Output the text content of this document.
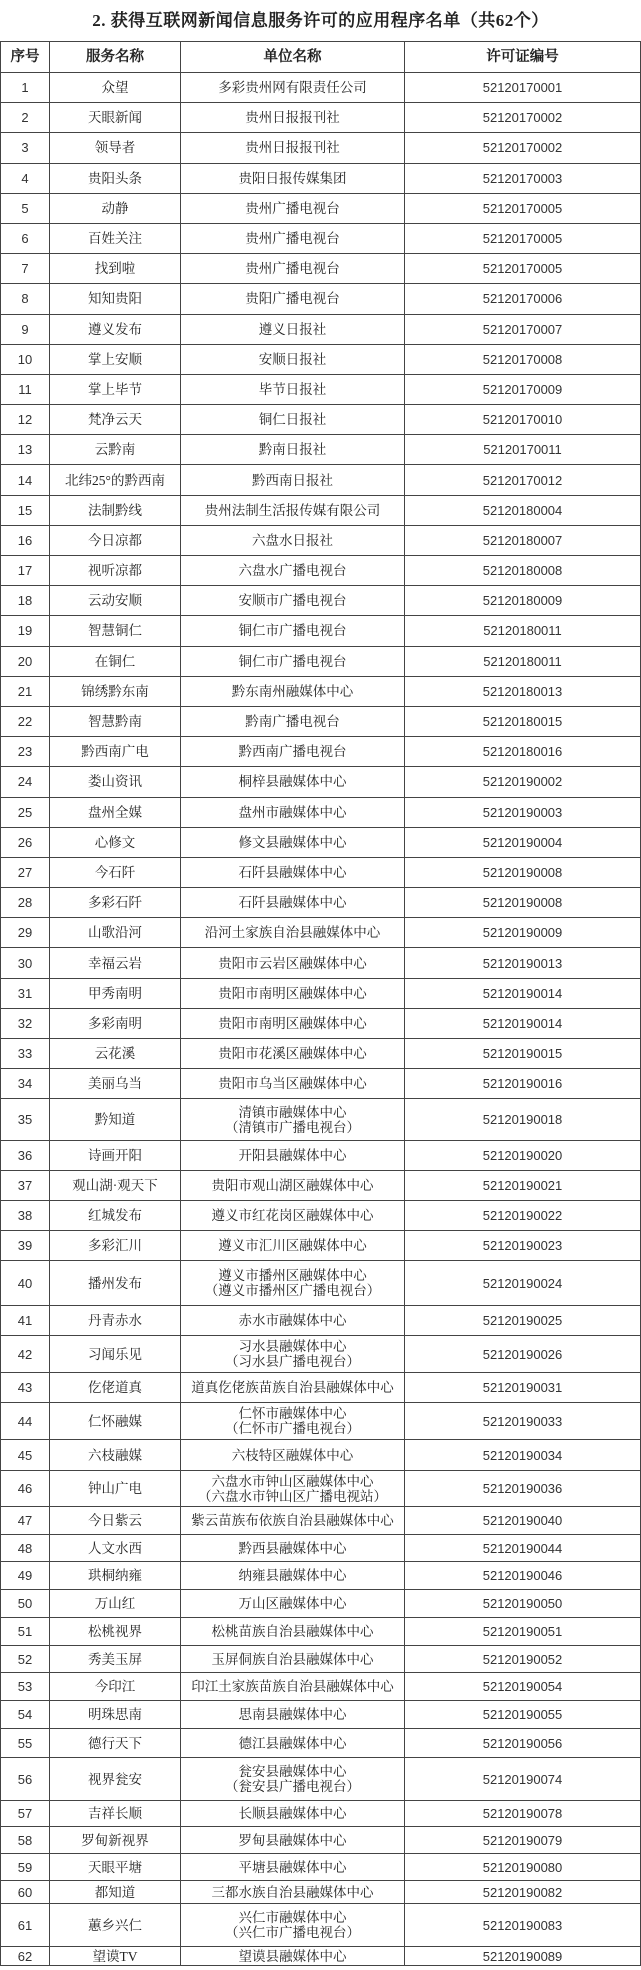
2. 获得互联网新闻信息服务许可的应用程序名单（共62个）
序号	服务名称	单位名称	许可证编号
1	众望	多彩贵州网有限责任公司	52120170001
2	天眼新闻	贵州日报报刊社	52120170002
3	领导者	贵州日报报刊社	52120170002
4	贵阳头条	贵阳日报传媒集团	52120170003
5	动静	贵州广播电视台	52120170005
6	百姓关注	贵州广播电视台	52120170005
7	找到啦	贵州广播电视台	52120170005
8	知知贵阳	贵阳广播电视台	52120170006
9	遵义发布	遵义日报社	52120170007
10	掌上安顺	安顺日报社	52120170008
11	掌上毕节	毕节日报社	52120170009
12	梵净云天	铜仁日报社	52120170010
13	云黔南	黔南日报社	52120170011
14	北纬25°的黔西南	黔西南日报社	52120170012
15	法制黔线	贵州法制生活报传媒有限公司	52120180004
16	今日凉都	六盘水日报社	52120180007
17	视听凉都	六盘水广播电视台	52120180008
18	云动安顺	安顺市广播电视台	52120180009
19	智慧铜仁	铜仁市广播电视台	52120180011
20	在铜仁	铜仁市广播电视台	52120180011
21	锦绣黔东南	黔东南州融媒体中心	52120180013
22	智慧黔南	黔南广播电视台	52120180015
23	黔西南广电	黔西南广播电视台	52120180016
24	娄山资讯	桐梓县融媒体中心	52120190002
25	盘州全媒	盘州市融媒体中心	52120190003
26	心修文	修文县融媒体中心	52120190004
27	今石阡	石阡县融媒体中心	52120190008
28	多彩石阡	石阡县融媒体中心	52120190008
29	山歌沿河	沿河土家族自治县融媒体中心	52120190009
30	幸福云岩	贵阳市云岩区融媒体中心	52120190013
31	甲秀南明	贵阳市南明区融媒体中心	52120190014
32	多彩南明	贵阳市南明区融媒体中心	52120190014
33	云花溪	贵阳市花溪区融媒体中心	52120190015
34	美丽乌当	贵阳市乌当区融媒体中心	52120190016
35	黔知道	清镇市融媒体中心
（清镇市广播电视台）	52120190018
36	诗画开阳	开阳县融媒体中心	52120190020
37	观山湖·观天下	贵阳市观山湖区融媒体中心	52120190021
38	红城发布	遵义市红花岗区融媒体中心	52120190022
39	多彩汇川	遵义市汇川区融媒体中心	52120190023
40	播州发布	遵义市播州区融媒体中心
（遵义市播州区广播电视台）	52120190024
41	丹青赤水	赤水市融媒体中心	52120190025
42	习闻乐见	习水县融媒体中心
（习水县广播电视台）	52120190026
43	仡佬道真	道真仡佬族苗族自治县融媒体中心	52120190031
44	仁怀融媒	仁怀市融媒体中心
（仁怀市广播电视台）	52120190033
45	六枝融媒	六枝特区融媒体中心	52120190034
46	钟山广电	六盘水市钟山区融媒体中心
（六盘水市钟山区广播电视站）	52120190036
47	今日紫云	紫云苗族布依族自治县融媒体中心	52120190040
48	人文水西	黔西县融媒体中心	52120190044
49	珙桐纳雍	纳雍县融媒体中心	52120190046
50	万山红	万山区融媒体中心	52120190050
51	松桃视界	松桃苗族自治县融媒体中心	52120190051
52	秀美玉屏	玉屏侗族自治县融媒体中心	52120190052
53	今印江	印江土家族苗族自治县融媒体中心	52120190054
54	明珠思南	思南县融媒体中心	52120190055
55	德行天下	德江县融媒体中心	52120190056
56	视界瓮安	瓮安县融媒体中心
（瓮安县广播电视台）	52120190074
57	吉祥长顺	长顺县融媒体中心	52120190078
58	罗甸新视界	罗甸县融媒体中心	52120190079
59	天眼平塘	平塘县融媒体中心	52120190080
60	都知道	三都水族自治县融媒体中心	52120190082
61	蕙乡兴仁	兴仁市融媒体中心
（兴仁市广播电视台）	52120190083
62	望谟TV	望谟县融媒体中心	52120190089
